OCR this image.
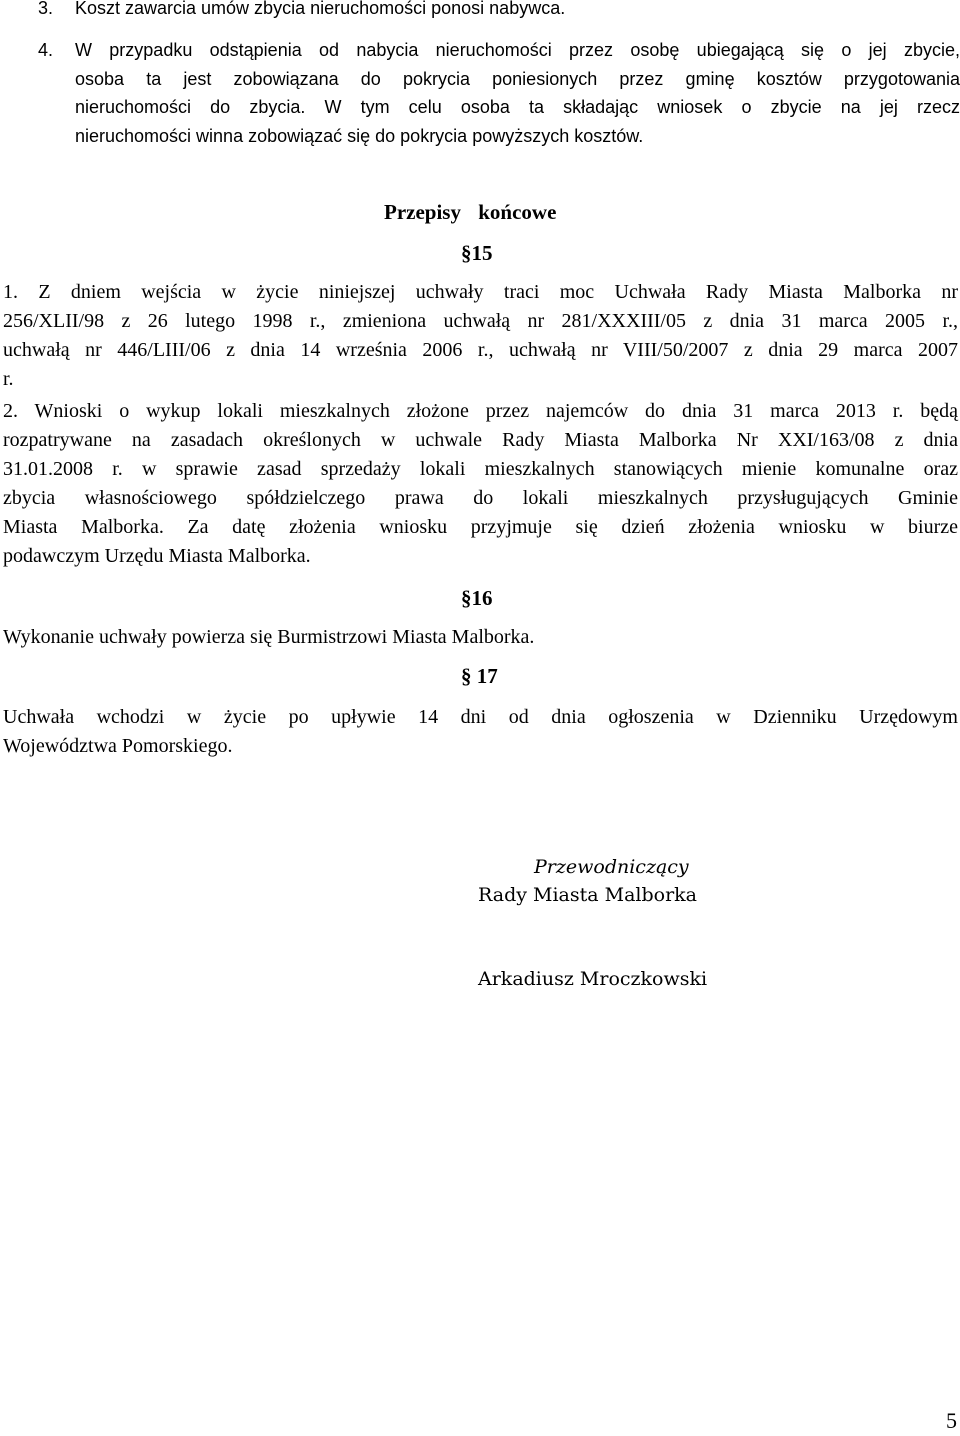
3. Koszt zawarcia umów zbycia nieruchomości ponosi nabywca.
4. W przypadku odstąpienia od nabycia nieruchomości przez osobę ubiegającą się o jej zbycie,
osoba ta jest zobowiązana do pokrycia poniesionych przez gminę kosztów przygotowania
nieruchomości do zbycia. W tym celu osoba ta składając wniosek o zbycie na jej rzecz
nieruchomości winna zobowiązać się do pokrycia powyższych kosztów.

Przepisy końcowe

§15

1. Z dniem wejścia w życie niniejszej uchwały traci moc Uchwała Rady Miasta Malborka nr
256/XLII/98 z 26 lutego 1998 r., zmieniona uchwałą nr 281/XXXIII/05 z dnia 31 marca 2005 r.,
uchwałą nr 446/LIII/06 z dnia 14 września 2006 r., uchwałą nr VIII/50/2007 z dnia 29 marca 2007
r.
2. Wnioski o wykup lokali mieszkalnych złożone przez najemców do dnia 31 marca 2013 r. będą
rozpatrywane na zasadach określonych w uchwale Rady Miasta Malborka Nr XXI/163/08 z dnia
31.01.2008 r. w sprawie zasad sprzedaży lokali mieszkalnych stanowiących mienie komunalne oraz
zbycia własnościowego spółdzielczego prawa do lokali mieszkalnych przysługujących Gminie
Miasta Malborka. Za datę złożenia wniosku przyjmuje się dzień złożenia wniosku w biurze
podawczym Urzędu Miasta Malborka.

§16

Wykonanie uchwały powierza się Burmistrzowi Miasta Malborka.

§ 17

Uchwała wchodzi w życie po upływie 14 dni od dnia ogłoszenia w Dzienniku Urzędowym
Województwa Pomorskiego.

Przewodniczący

Rady Miasta Malborka

Arkadiusz Mroczkowski

5
